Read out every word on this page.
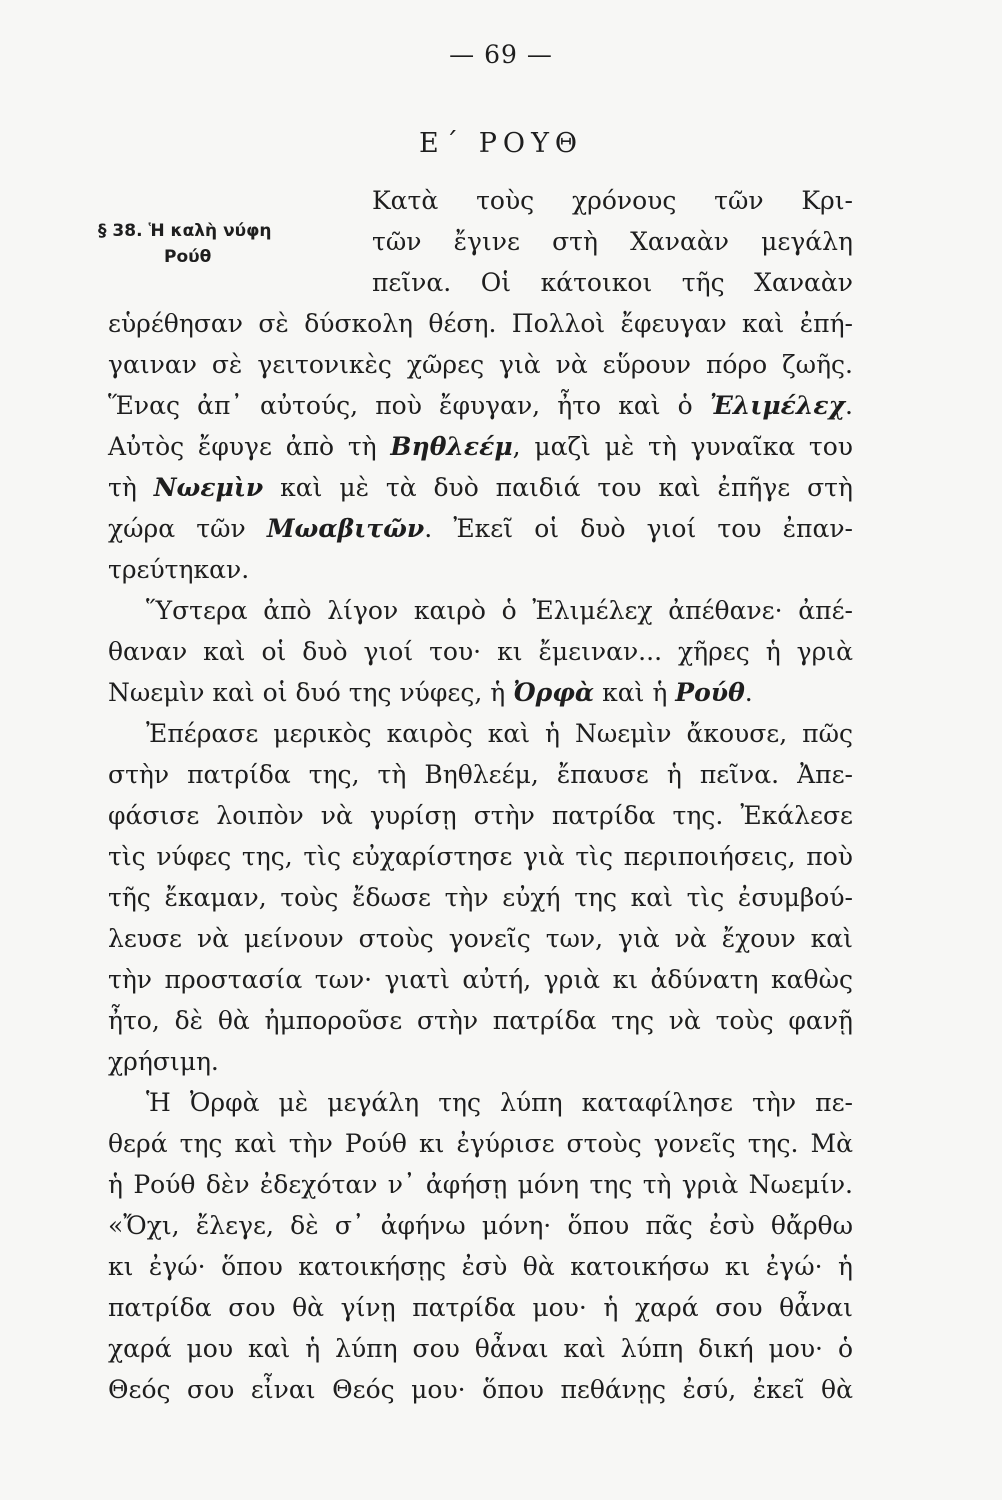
— 69 —
Ε΄ ΡΟΥΘ
§ 38. Ἡ καλὴ νύφη
Ρούθ
Κατὰ τοὺς χρόνους τῶν Κρι-
τῶν ἔγινε στὴ Χαναὰν μεγάλη
πεῖνα. Οἱ κάτοικοι τῆς Χαναὰν
εὑρέθησαν σὲ δύσκολη θέση. Πολλοὶ ἔφευγαν καὶ ἐπή-
γαιναν σὲ γειτονικὲς χῶρες γιὰ νὰ εὕρουν πόρο ζωῆς.
Ἕνας ἀπ᾽ αὐτούς, ποὺ ἔφυγαν, ἦτο καὶ ὁ Ἐλιμέλεχ.
Αὐτὸς ἔφυγε ἀπὸ τὴ Βηθλεέμ, μαζὶ μὲ τὴ γυναῖκα του
τὴ Νωεμὶν καὶ μὲ τὰ δυὸ παιδιά του καὶ ἐπῆγε στὴ
χώρα τῶν Μωαβιτῶν. Ἐκεῖ οἱ δυὸ γιοί του ἐπαν-
τρεύτηκαν.
Ὕστερα ἀπὸ λίγον καιρὸ ὁ Ἐλιμέλεχ ἀπέθανε· ἀπέ-
θαναν καὶ οἱ δυὸ γιοί του· κι ἔμειναν... χῆρες ἡ γριὰ
Νωεμὶν καὶ οἱ δυό της νύφες, ἡ Ὀρφὰ καὶ ἡ Ρούθ.
Ἐπέρασε μερικὸς καιρὸς καὶ ἡ Νωεμὶν ἄκουσε, πῶς
στὴν πατρίδα της, τὴ Βηθλεέμ, ἔπαυσε ἡ πεῖνα. Ἀπε-
φάσισε λοιπὸν νὰ γυρίσῃ στὴν πατρίδα της. Ἐκάλεσε
τὶς νύφες της, τὶς εὐχαρίστησε γιὰ τὶς περιποιήσεις, ποὺ
τῆς ἔκαμαν, τοὺς ἔδωσε τὴν εὐχή της καὶ τὶς ἐσυμβού-
λευσε νὰ μείνουν στοὺς γονεῖς των, γιὰ νὰ ἔχουν καὶ
τὴν προστασία των· γιατὶ αὐτή, γριὰ κι ἀδύνατη καθὼς
ἦτο, δὲ θὰ ἠμποροῦσε στὴν πατρίδα της νὰ τοὺς φανῇ
χρήσιμη.
Ἡ Ὀρφὰ μὲ μεγάλη της λύπη καταφίλησε τὴν πε-
θερά της καὶ τὴν Ρούθ κι ἐγύρισε στοὺς γονεῖς της. Μὰ
ἡ Ρούθ δὲν ἐδεχόταν ν᾽ ἀφήσῃ μόνη της τὴ γριὰ Νωεμίν.
«Ὄχι, ἔλεγε, δὲ σ᾽ ἀφήνω μόνη· ὅπου πᾶς ἐσὺ θἄρθω
κι ἐγώ· ὅπου κατοικήσῃς ἐσὺ θὰ κατοικήσω κι ἐγώ· ἡ
πατρίδα σου θὰ γίνῃ πατρίδα μου· ἡ χαρά σου θἆναι
χαρά μου καὶ ἡ λύπη σου θἆναι καὶ λύπη δική μου· ὁ
Θεός σου εἶναι Θεός μου· ὅπου πεθάνῃς ἐσύ, ἐκεῖ θὰ
